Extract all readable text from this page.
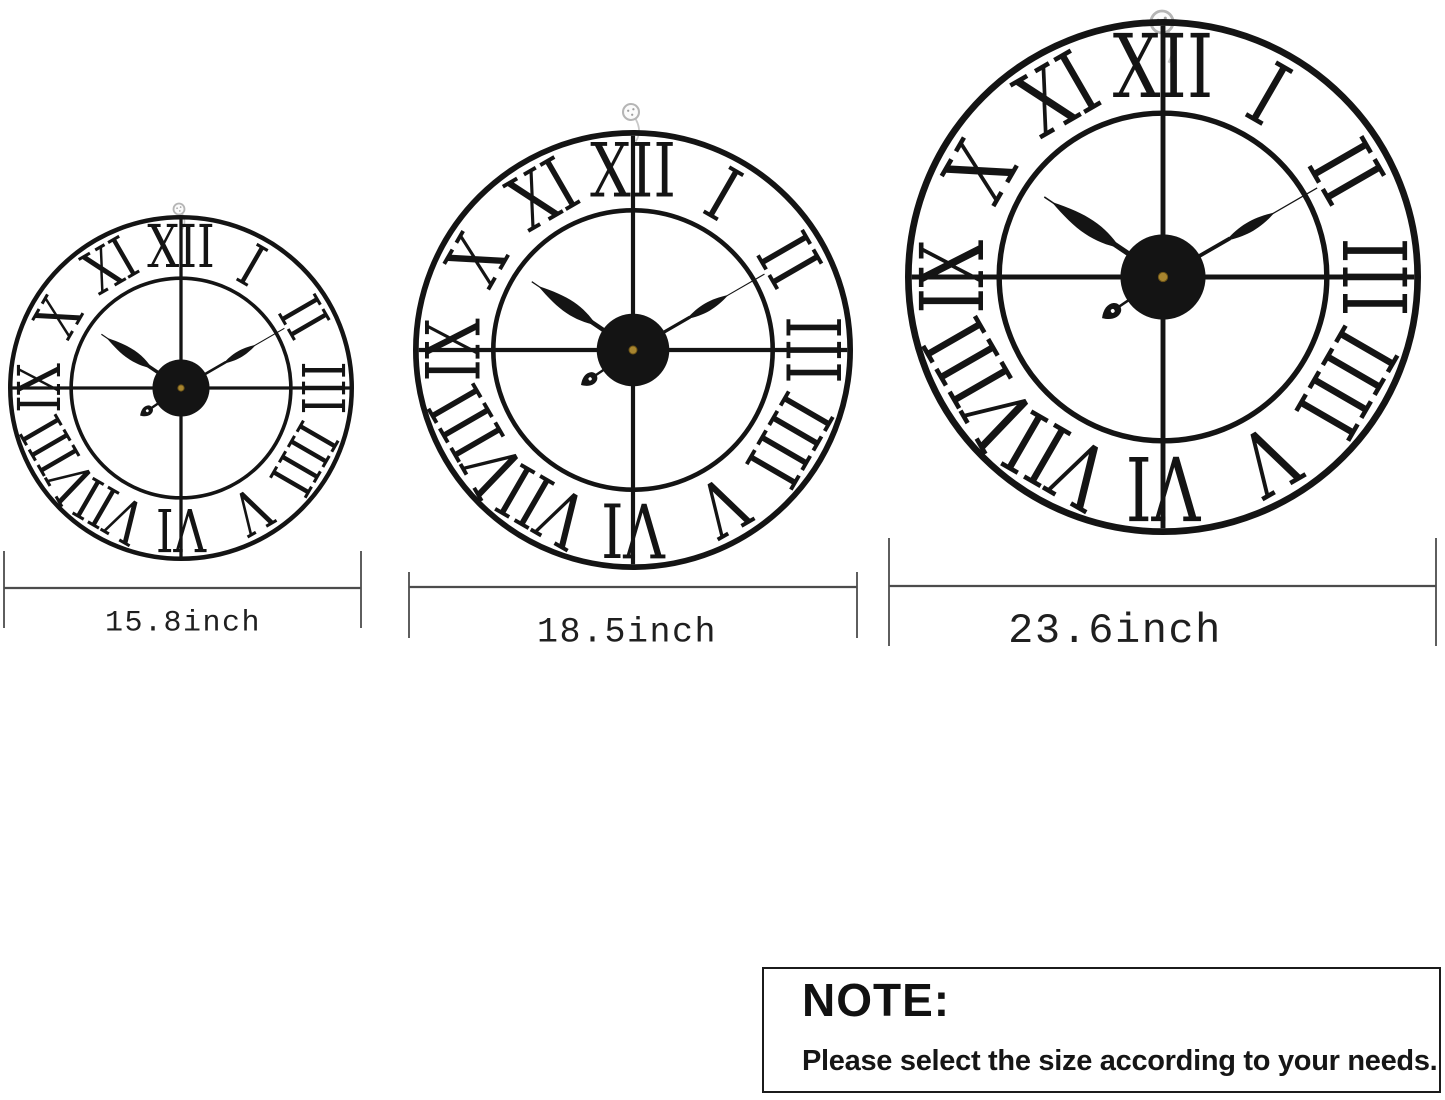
XII I
II
III
IIII
V
VI
VII
VIII
IX
X
XI
15.8inch
XII I
II
III
IIII
V
VI
VII
VIII
IX
X
XI
18.5inch
XII I
II
III
IIII
V
VI
VII
VIII
IX
X
XI
23.6inch
NOTE:
Please select the size according to your needs.
